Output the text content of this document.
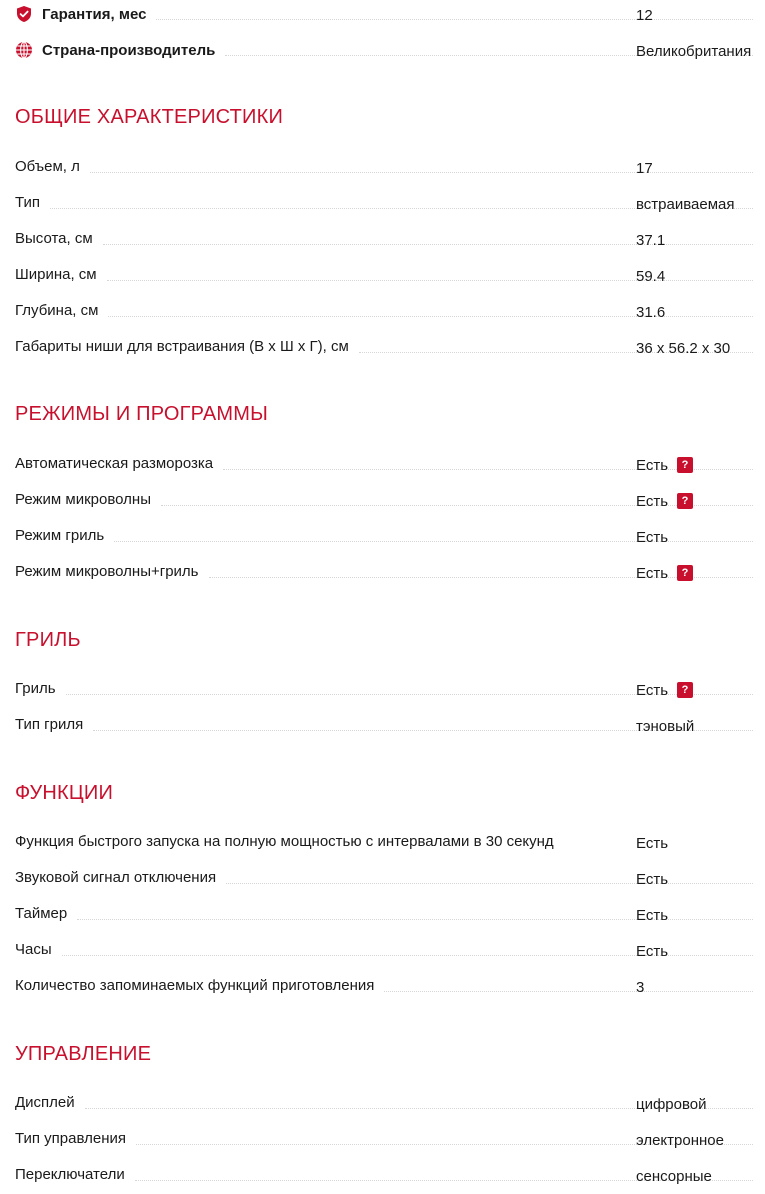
Гарантия, мес	12
Страна-производитель	Великобритания
ОБЩИЕ ХАРАКТЕРИСТИКИ
Объем, л	17
Тип	встраиваемая
Высота, см	37.1
Ширина, см	59.4
Глубина, см	31.6
Габариты ниши для встраивания (В х Ш х Г), см	36 x 56.2 x 30
РЕЖИМЫ И ПРОГРАММЫ
Автоматическая разморозка	Есть	?
Режим микроволны	Есть	?
Режим гриль	Есть
Режим микроволны+гриль	Есть	?
ГРИЛЬ
Гриль	Есть	?
Тип гриля	тэновый
ФУНКЦИИ
Функция быстрого запуска на полную мощностью с интервалами в 30 секунд	Есть
Звуковой сигнал отключения	Есть
Таймер	Есть
Часы	Есть
Количество запоминаемых функций приготовления	3
УПРАВЛЕНИЕ
Дисплей	цифровой
Тип управления	электронное
Переключатели	сенсорные
